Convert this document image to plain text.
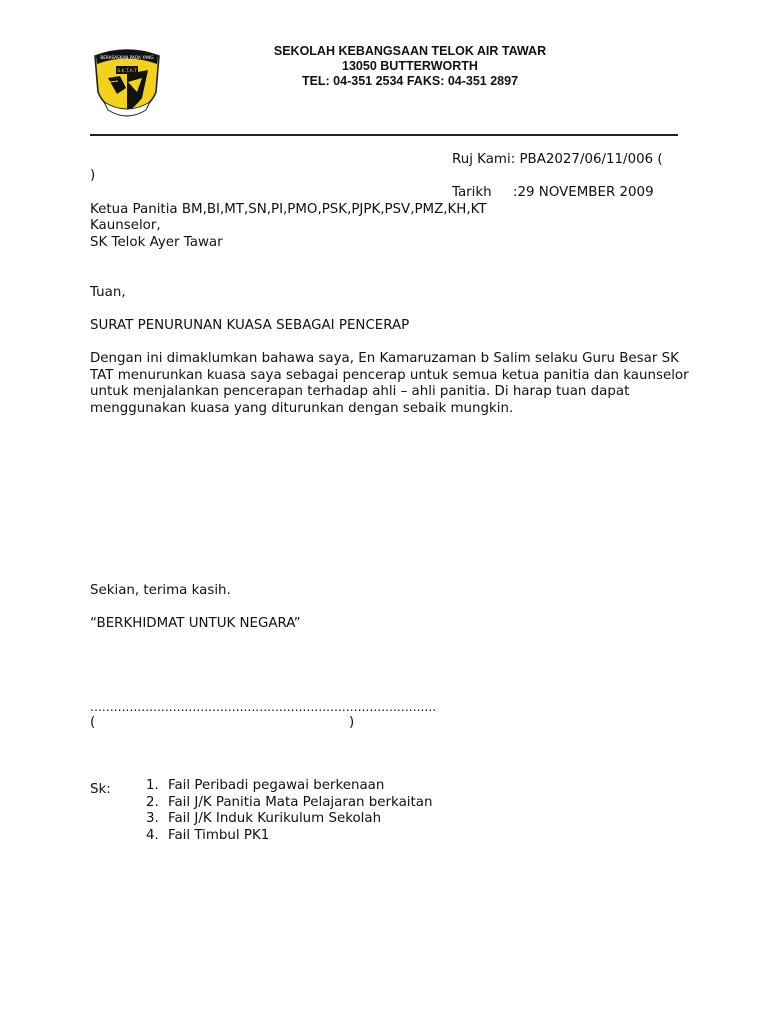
BERASASKAN PADA YANG
S.K.T.A.T
SEKOLAH KEBANGSAAN TELOK AIR TAWAR
13050 BUTTERWORTH
TEL: 04-351 2534 FAKS: 04-351 2897
Ruj Kami: PBA2027/06/11/006 (
)
Tarikh :29 NOVEMBER 2009
Ketua Panitia BM,BI,MT,SN,PI,PMO,PSK,PJPK,PSV,PMZ,KH,KT
Kaunselor,
SK Telok Ayer Tawar
Tuan,
SURAT PENURUNAN KUASA SEBAGAI PENCERAP
Dengan ini dimaklumkan bahawa saya, En Kamaruzaman b Salim selaku Guru Besar SK TAT menurunkan kuasa saya sebagai pencerap untuk semua ketua panitia dan kaunselor untuk menjalankan pencerapan terhadap ahli – ahli panitia. Di harap tuan dapat menggunakan kuasa yang diturunkan dengan sebaik mungkin.
Sekian, terima kasih.
“BERKHIDMAT UNTUK NEGARA”
…………………………………………………………………………….
(	)
Sk:	1. Fail Peribadi pegawai berkenaan
2. Fail J/K Panitia Mata Pelajaran berkaitan
3. Fail J/K Induk Kurikulum Sekolah
4. Fail Timbul PK1
